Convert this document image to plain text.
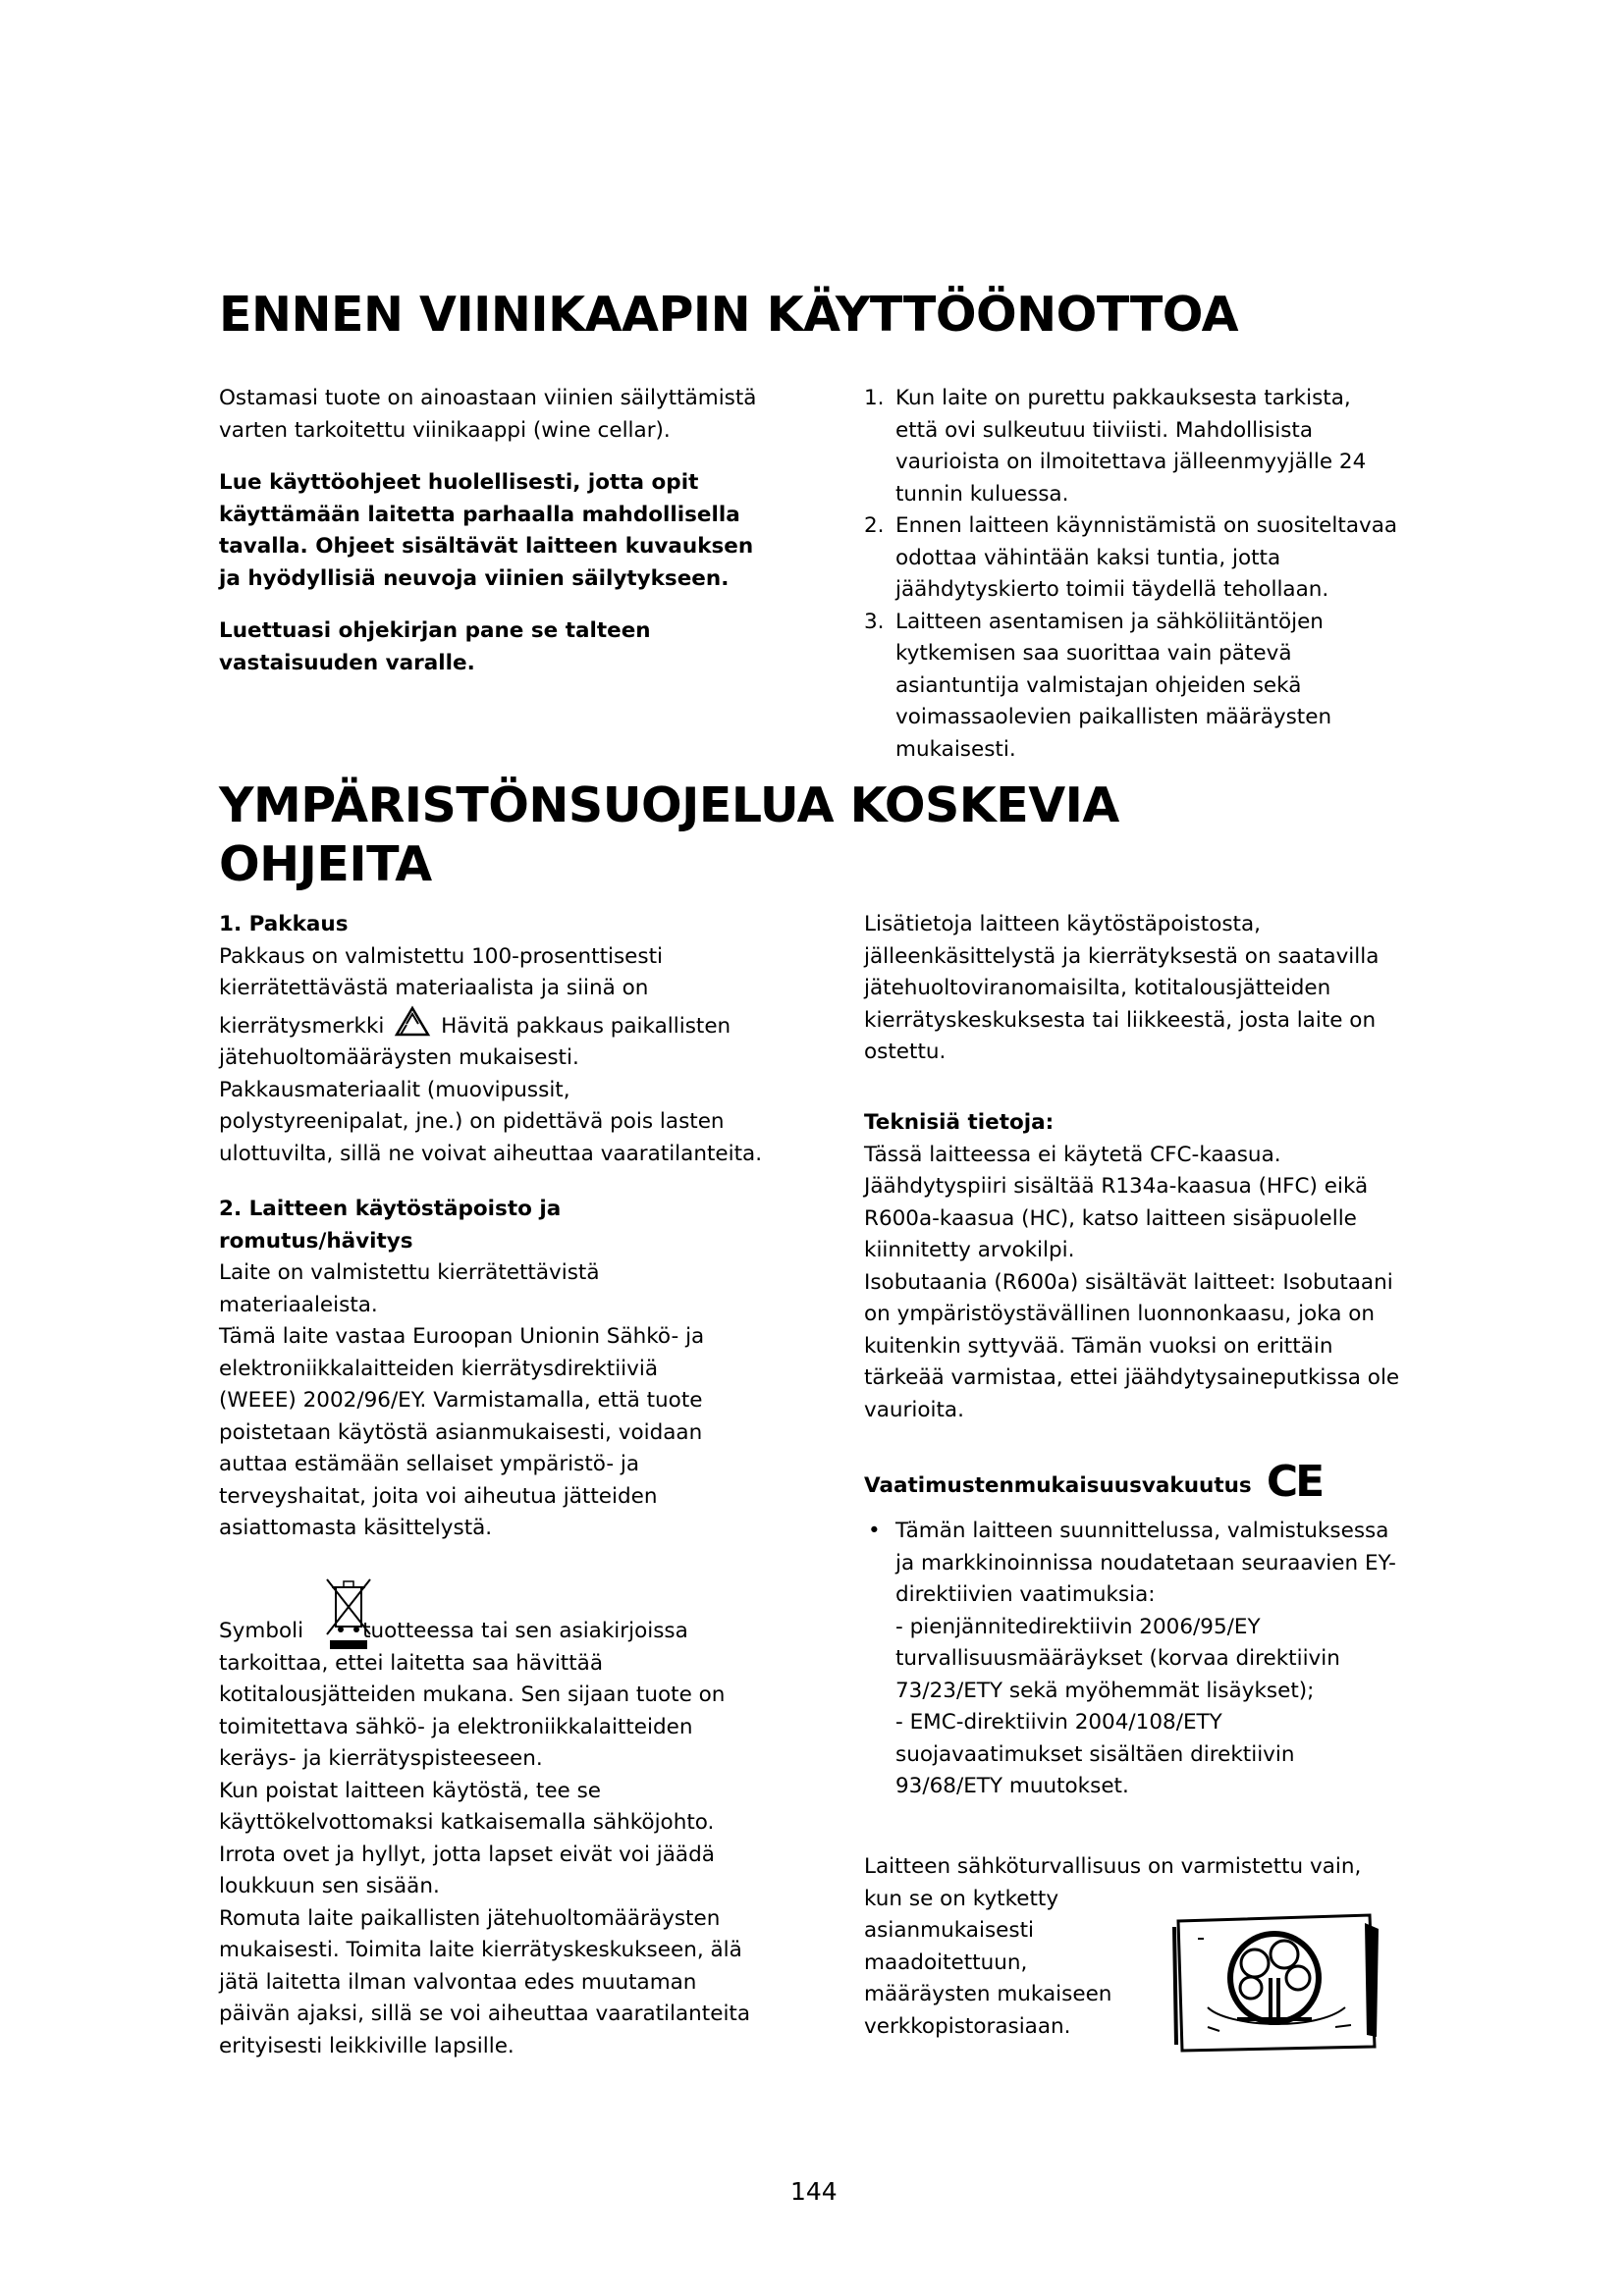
ENNEN VIINIKAAPIN KÄYTTÖÖNOTTOA
Ostamasi tuote on ainoastaan viinien säilyttämistä
varten tarkoitettu viinikaappi (wine cellar).
Lue käyttöohjeet huolellisesti, jotta opit
käyttämään laitetta parhaalla mahdollisella
tavalla. Ohjeet sisältävät laitteen kuvauksen
ja hyödyllisiä neuvoja viinien säilytykseen.
Luettuasi ohjekirjan pane se talteen
vastaisuuden varalle.
1. Kun laite on purettu pakkauksesta tarkista,
että ovi sulkeutuu tiiviisti. Mahdollisista
vaurioista on ilmoitettava jälleenmyyjälle 24
tunnin kuluessa.
2. Ennen laitteen käynnistämistä on suositeltavaa
odottaa vähintään kaksi tuntia, jotta
jäähdytyskierto toimii täydellä tehollaan.
3. Laitteen asentamisen ja sähköliitäntöjen
kytkemisen saa suorittaa vain pätevä
asiantuntija valmistajan ohjeiden sekä
voimassaolevien paikallisten määräysten
mukaisesti.
YMPÄRISTÖNSUOJELUA KOSKEVIA
OHJEITA
1. Pakkaus
Pakkaus on valmistettu 100-prosenttisesti
kierrätettävästä materiaalista ja siinä on
kierrätysmerkki	Hävitä pakkaus paikallisten
jätehuoltomääräysten mukaisesti.
Pakkausmateriaalit (muovipussit,
polystyreenipalat, jne.) on pidettävä pois lasten
ulottuvilta, sillä ne voivat aiheuttaa vaaratilanteita.
2. Laitteen käytöstäpoisto ja
romutus/hävitys
Laite on valmistettu kierrätettävistä
materiaaleista.
Tämä laite vastaa Euroopan Unionin Sähkö- ja
elektroniikkalaitteiden kierrätysdirektiiviä
(WEEE) 2002/96/EY. Varmistamalla, että tuote
poistetaan käytöstä asianmukaisesti, voidaan
auttaa estämään sellaiset ympäristö- ja
terveyshaitat, joita voi aiheutua jätteiden
asiattomasta käsittelystä.
Symboli	tuotteessa tai sen asiakirjoissa
tarkoittaa, ettei laitetta saa hävittää
kotitalousjätteiden mukana. Sen sijaan tuote on
toimitettava sähkö- ja elektroniikkalaitteiden
keräys- ja kierrätyspisteeseen.
Kun poistat laitteen käytöstä, tee se
käyttökelvottomaksi katkaisemalla sähköjohto.
Irrota ovet ja hyllyt, jotta lapset eivät voi jäädä
loukkuun sen sisään.
Romuta laite paikallisten jätehuoltomääräysten
mukaisesti. Toimita laite kierrätyskeskukseen, älä
jätä laitetta ilman valvontaa edes muutaman
päivän ajaksi, sillä se voi aiheuttaa vaaratilanteita
erityisesti leikkiville lapsille.
Lisätietoja laitteen käytöstäpoistosta,
jälleenkäsittelystä ja kierrätyksestä on saatavilla
jätehuoltoviranomaisilta, kotitalousjätteiden
kierrätyskeskuksesta tai liikkeestä, josta laite on
ostettu.
Teknisiä tietoja:
Tässä laitteessa ei käytetä CFC-kaasua.
Jäähdytyspiiri sisältää R134a-kaasua (HFC) eikä
R600a-kaasua (HC), katso laitteen sisäpuolelle
kiinnitetty arvokilpi.
Isobutaania (R600a) sisältävät laitteet: Isobutaani
on ympäristöystävällinen luonnonkaasu, joka on
kuitenkin syttyvää. Tämän vuoksi on erittäin
tärkeää varmistaa, ettei jäähdytysaineputkissa ole
vaurioita.
Vaatimustenmukaisuusvakuutus CE
• Tämän laitteen suunnittelussa, valmistuksessa
ja markkinoinnissa noudatetaan seuraavien EY-
direktiivien vaatimuksia:
- pienjännitedirektiivin 2006/95/EY
turvallisuusmääräykset (korvaa direktiivin
73/23/ETY sekä myöhemmät lisäykset);
- EMC-direktiivin 2004/108/ETY
suojavaatimukset sisältäen direktiivin
93/68/ETY muutokset.
Laitteen sähköturvallisuus on varmistettu vain,
kun se on kytketty
asianmukaisesti
maadoitettuun,
määräysten mukaiseen
verkkopistorasiaan.
144
